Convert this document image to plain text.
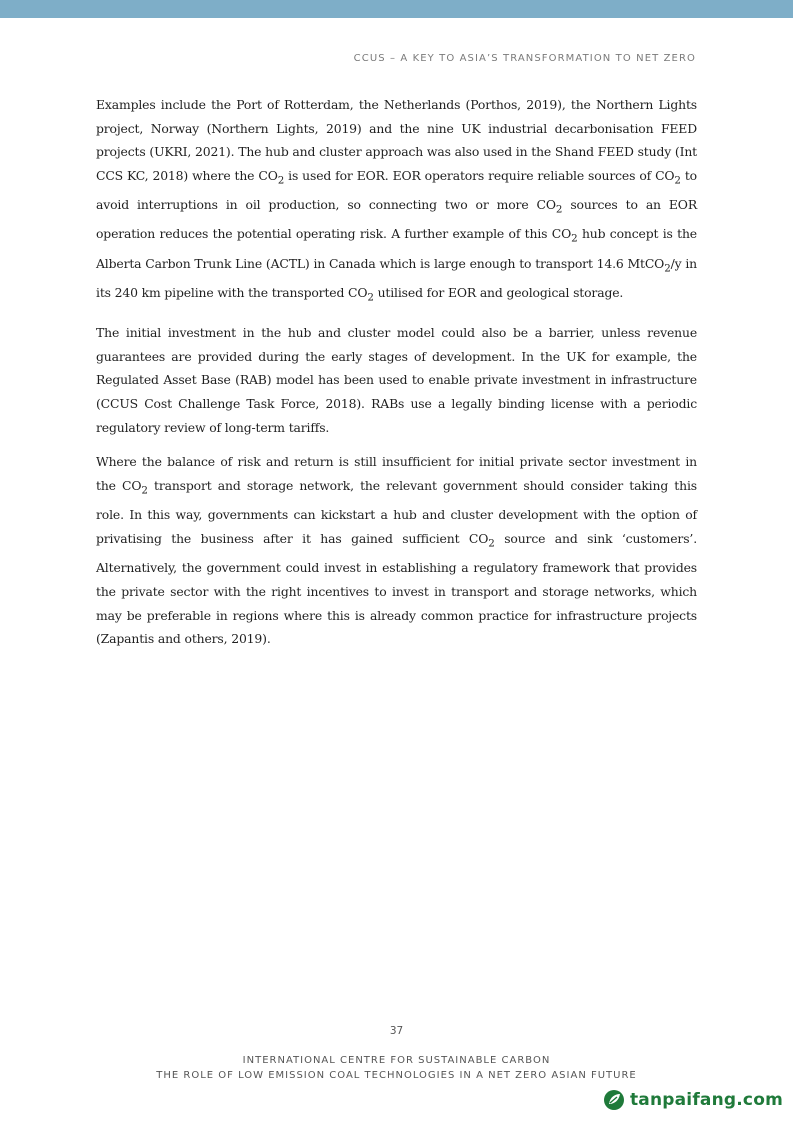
CCUS – A KEY TO ASIA’S TRANSFORMATION TO NET ZERO

Examples include the Port of Rotterdam, the Netherlands (Porthos, 2019), the Northern Lights project, Norway (Northern Lights, 2019) and the nine UK industrial decarbonisation FEED projects (UKRI, 2021). The hub and cluster approach was also used in the Shand FEED study (Int CCS KC, 2018) where the $CO_2$ is used for EOR. EOR operators require reliable sources of $CO_2$ to avoid interruptions in oil production, so connecting two or more $CO_2$ sources to an EOR operation reduces the potential operating risk. A further example of this $CO_2$ hub concept is the Alberta Carbon Trunk Line (ACTL) in Canada which is large enough to transport 14.6 MtCO$_2$/y in its 240 km pipeline with the transported $CO_2$ utilised for EOR and geological storage.

The initial investment in the hub and cluster model could also be a barrier, unless revenue guarantees are provided during the early stages of development. In the UK for example, the Regulated Asset Base (RAB) model has been used to enable private investment in infrastructure (CCUS Cost Challenge Task Force, 2018). RABs use a legally binding license with a periodic regulatory review of long-term tariffs.

Where the balance of risk and return is still insufficient for initial private sector investment in the $CO_2$ transport and storage network, the relevant government should consider taking this role. In this way, governments can kickstart a hub and cluster development with the option of privatising the business after it has gained sufficient $CO_2$ source and sink ‘customers’. Alternatively, the government could invest in establishing a regulatory framework that provides the private sector with the right incentives to invest in transport and storage networks, which may be preferable in regions where this is already common practice for infrastructure projects (Zapantis and others, 2019).

37
INTERNATIONAL CENTRE FOR SUSTAINABLE CARBON
THE ROLE OF LOW EMISSION COAL TECHNOLOGIES IN A NET ZERO ASIAN FUTURE
tanpaifang.com
